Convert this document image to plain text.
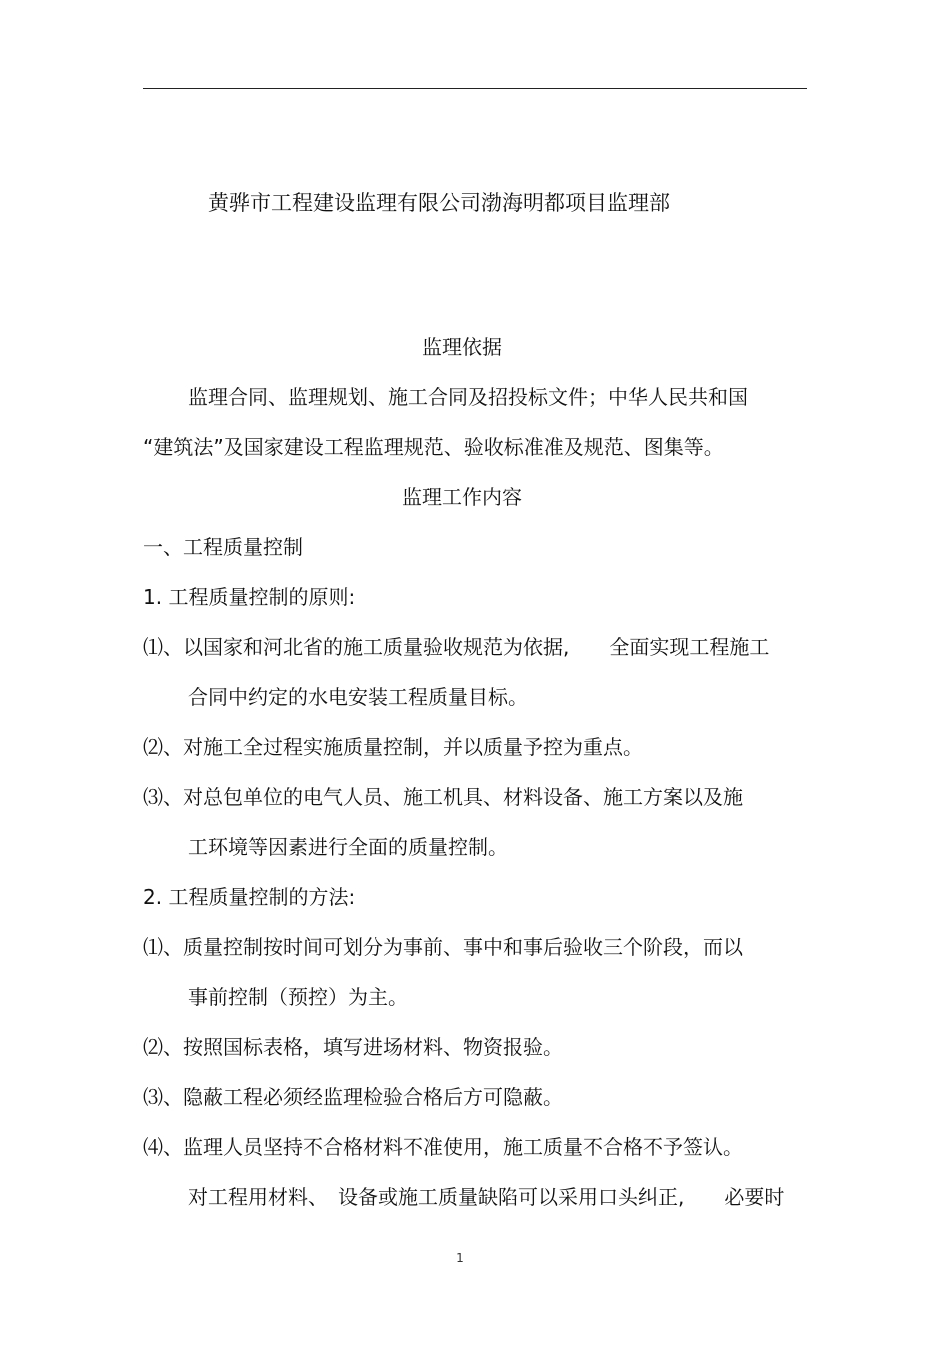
黄骅市工程建设监理有限公司渤海明都项目监理部
监理依据
监理合同、监理规划、施工合同及招投标文件；中华人民共和国
“建筑法”及国家建设工程监理规范、验收标准准及规范、图集等。
监理工作内容
一、工程质量控制
1. 工程质量控制的原则:
⑴、以国家和河北省的施工质量验收规范为依据,　　全面实现工程施工
合同中约定的水电安装工程质量目标。
⑵、对施工全过程实施质量控制，并以质量予控为重点。
⑶、对总包单位的电气人员、施工机具、材料设备、施工方案以及施
工环境等因素进行全面的质量控制。
2. 工程质量控制的方法:
⑴、质量控制按时间可划分为事前、事中和事后验收三个阶段，而以
事前控制（预控）为主。
⑵、按照国标表格，填写进场材料、物资报验。
⑶、隐蔽工程必须经监理检验合格后方可隐蔽。
⑷、监理人员坚持不合格材料不准使用，施工质量不合格不予签认。
对工程用材料、　设备或施工质量缺陷可以采用口头纠正,　　必要时
1
